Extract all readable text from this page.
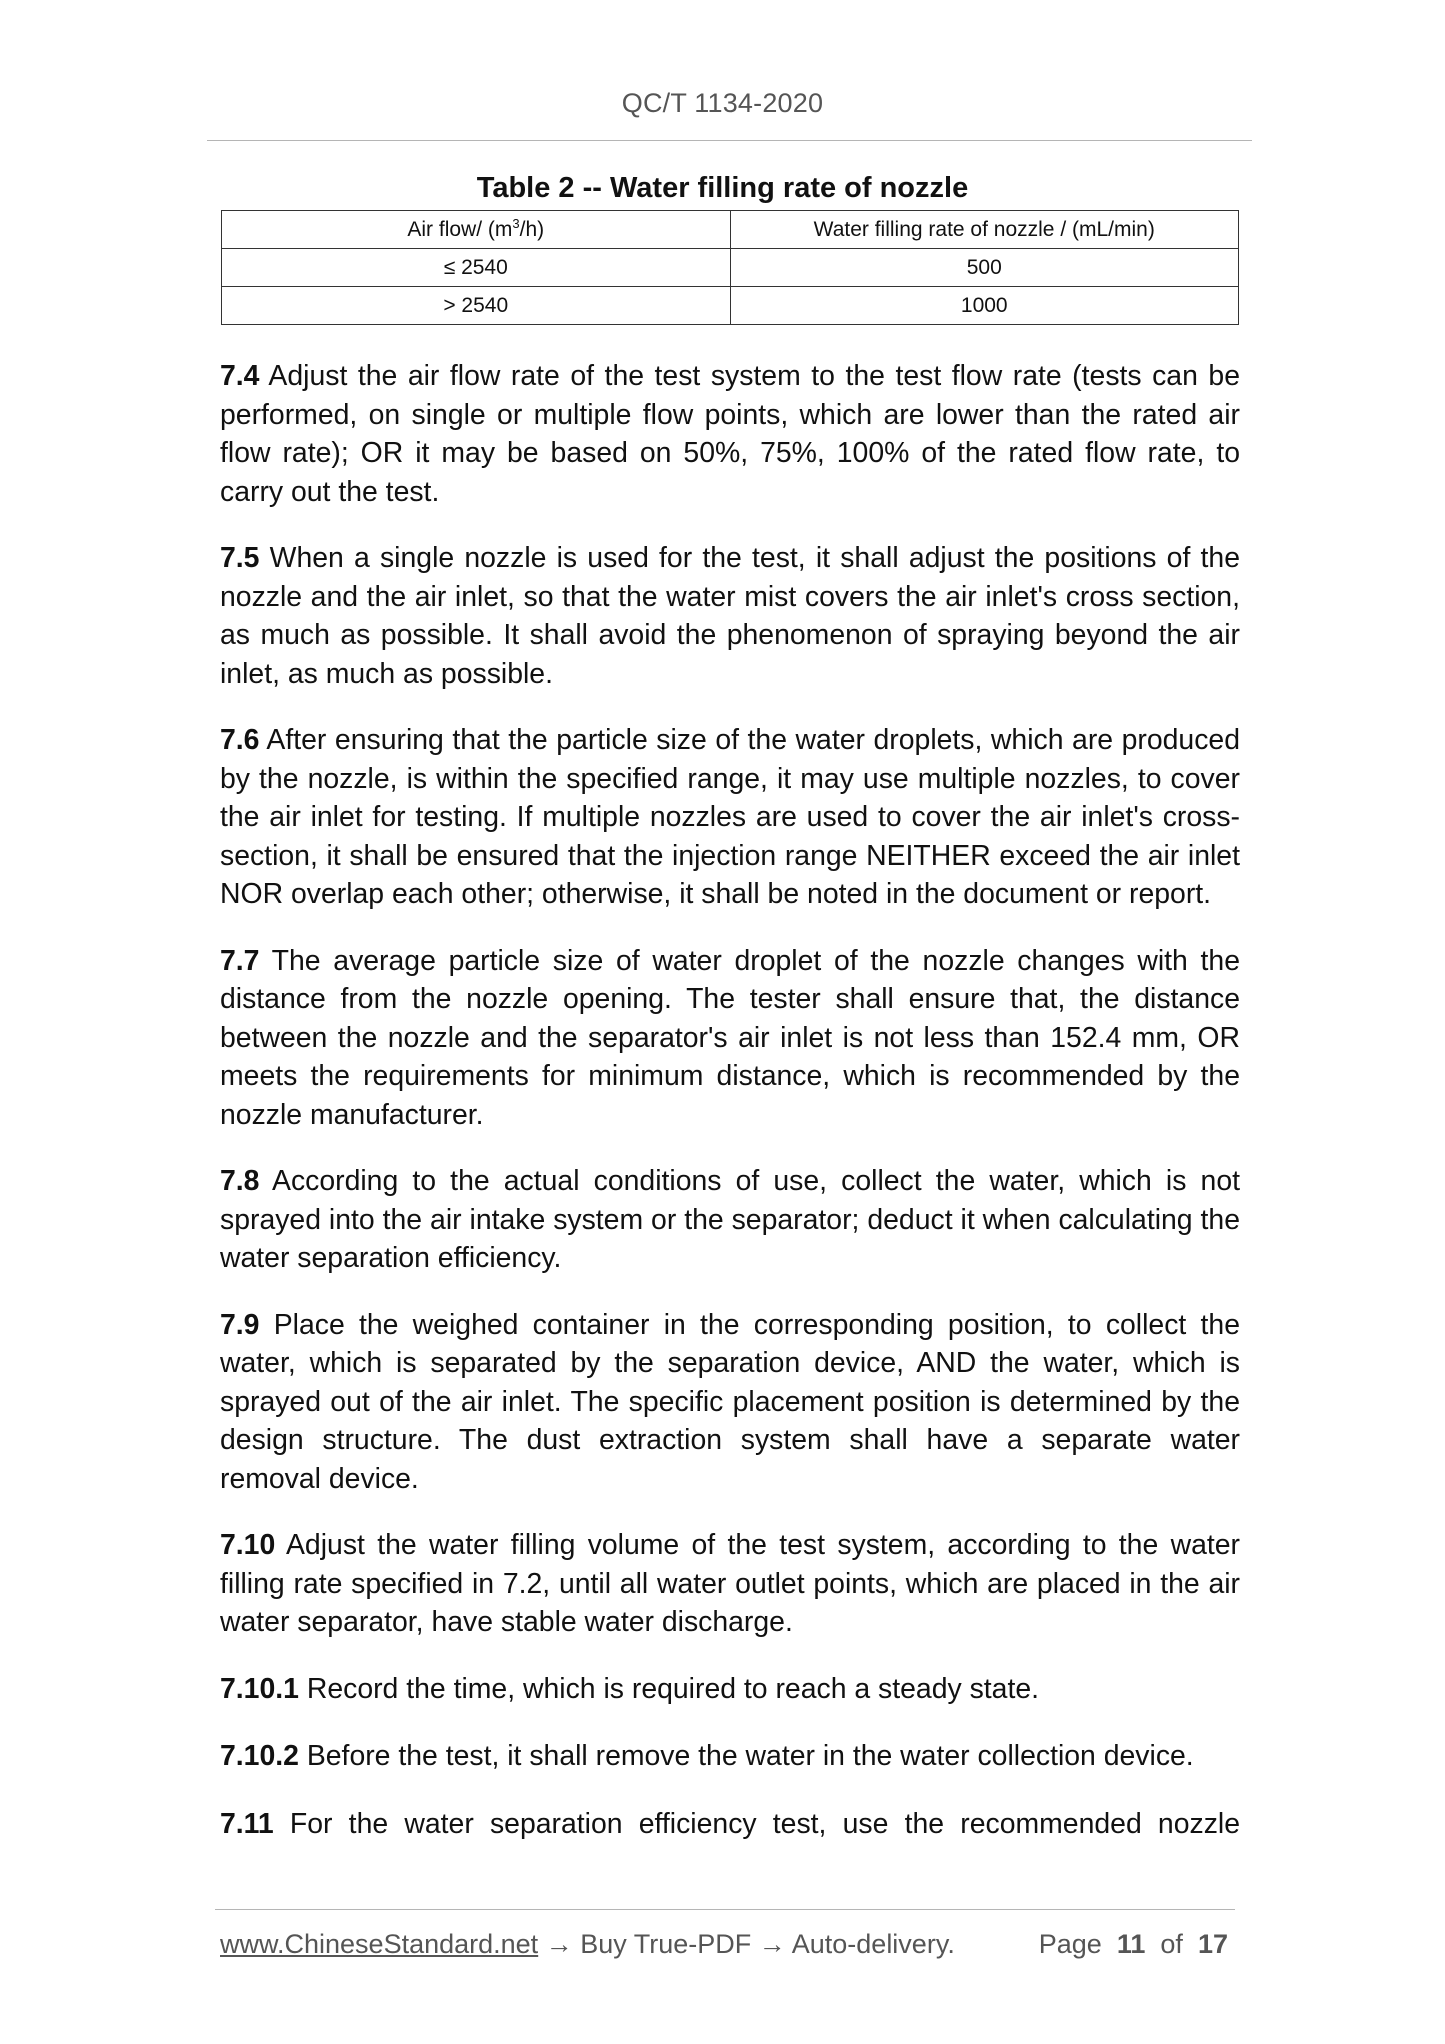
QC/T 1134-2020
Table 2 -- Water filling rate of nozzle
Air flow/ $(m^3/h)$	Water filling rate of nozzle / (mL/min)
≤ 2540	500
> 2540	1000

7.4 Adjust the air flow rate of the test system to the test flow rate (tests can be performed, on single or multiple flow points, which are lower than the rated air flow rate); OR it may be based on 50%, 75%, 100% of the rated flow rate, to carry out the test.

7.5 When a single nozzle is used for the test, it shall adjust the positions of the nozzle and the air inlet, so that the water mist covers the air inlet's cross section, as much as possible. It shall avoid the phenomenon of spraying beyond the air inlet, as much as possible.

7.6 After ensuring that the particle size of the water droplets, which are produced by the nozzle, is within the specified range, it may use multiple nozzles, to cover the air inlet for testing. If multiple nozzles are used to cover the air inlet's cross-section, it shall be ensured that the injection range NEITHER exceed the air inlet NOR overlap each other; otherwise, it shall be noted in the document or report.

7.7 The average particle size of water droplet of the nozzle changes with the distance from the nozzle opening. The tester shall ensure that, the distance between the nozzle and the separator's air inlet is not less than 152.4 mm, OR meets the requirements for minimum distance, which is recommended by the nozzle manufacturer.

7.8 According to the actual conditions of use, collect the water, which is not sprayed into the air intake system or the separator; deduct it when calculating the water separation efficiency.

7.9 Place the weighed container in the corresponding position, to collect the water, which is separated by the separation device, AND the water, which is sprayed out of the air inlet. The specific placement position is determined by the design structure. The dust extraction system shall have a separate water removal device.

7.10 Adjust the water filling volume of the test system, according to the water filling rate specified in 7.2, until all water outlet points, which are placed in the air water separator, have stable water discharge.

7.10.1 Record the time, which is required to reach a steady state.

7.10.2 Before the test, it shall remove the water in the water collection device.

7.11 For the water separation efficiency test, use the recommended nozzle

www.ChineseStandard.net → Buy True-PDF → Auto-delivery.	Page 11 of 17
